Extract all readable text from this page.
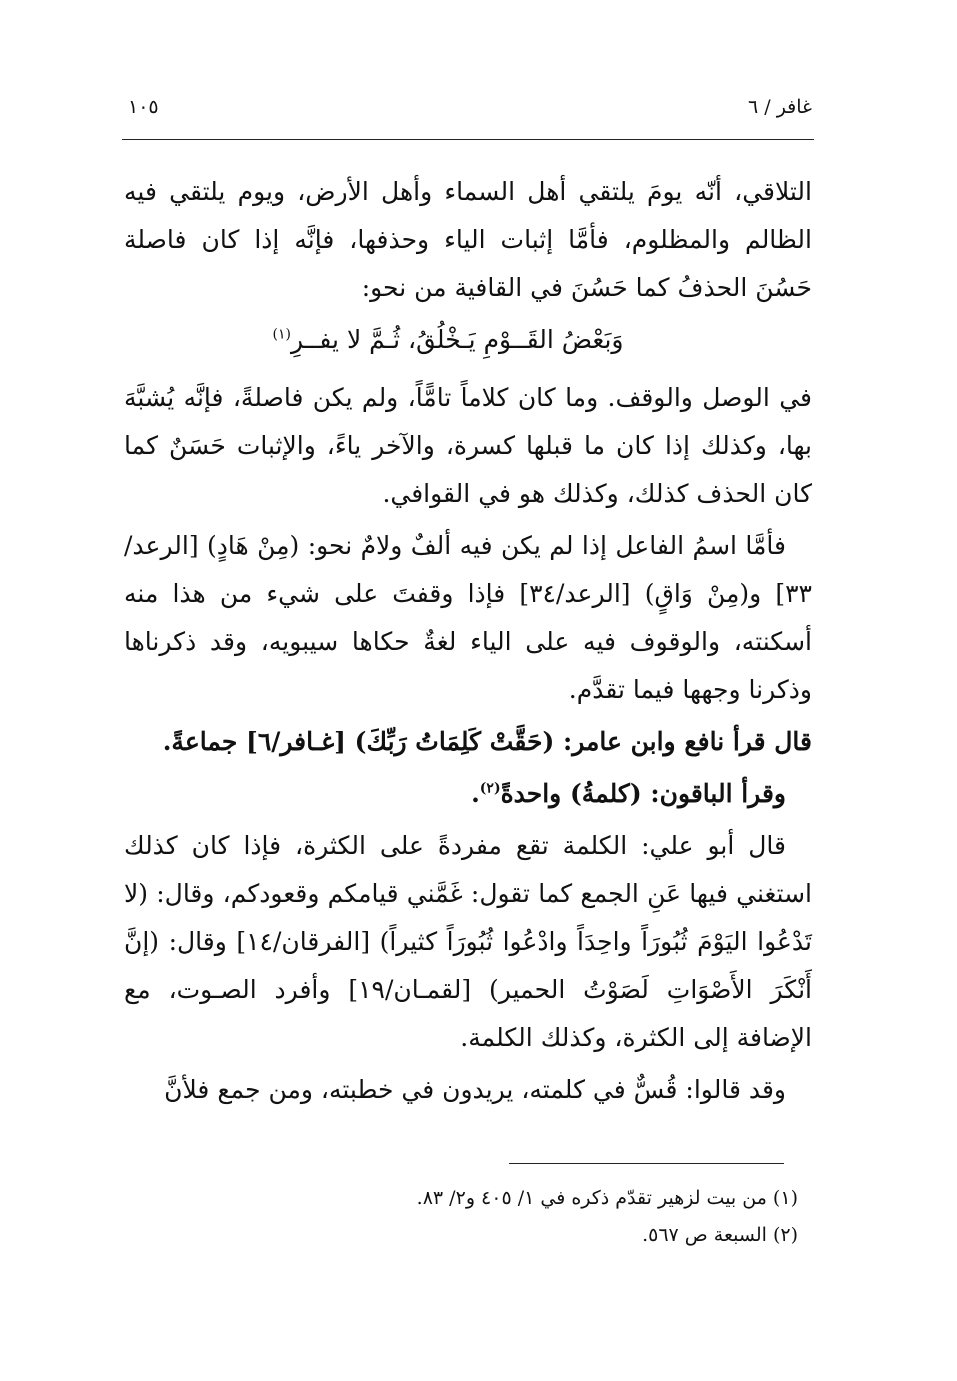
غافر / ٦
١٠٥

التلاقي، أنّه يومَ يلتقي أهل السماء وأهل الأرض، ويوم يلتقي فيه الظالم والمظلوم، فأمَّا إثبات الياء وحذفها، فإنَّه إذا كان فاصلة حَسُنَ الحذفُ كما حَسُنَ في القافية من نحو:

وَبَعْضُ القَــوْمِ يَـخْلُقُ، ثُـمَّ لا يفــرِ$^{(١)}$

في الوصل والوقف. وما كان كلاماً تامًّاً، ولم يكن فاصلةً، فإنَّه يُشبَّهَ بها، وكذلك إذا كان ما قبلها كسرة، والآخر ياءً، والإثبات حَسَنٌ كما كان الحذف كذلك، وكذلك هو في القوافي.

فأمَّا اسمُ الفاعل إذا لم يكن فيه ألفٌ ولامٌ نحو: (مِنْ هَادٍ) [الرعد/٣٣] و(مِنْ وَاقٍ) [الرعد/٣٤] فإذا وقفتَ على شيء من هذا منه أسكنته، والوقوف فيه على الياء لغةٌ حكاها سيبويه، وقد ذكرناها وذكرنا وجهها فيما تقدَّم.

قال قرأ نافع وابن عامر: (حَقَّتْ كَلِمَاتُ رَبِّكَ) [غـافر/٦] جماعةً.

وقرأ الباقون: (كلمةُ) واحدةً$^{(٢)}$.

قال أبو علي: الكلمة تقع مفردةً على الكثرة، فإذا كان كذلك استغني فيها عَنِ الجمع كما تقول: غَمَّني قيامكم وقعودكم، وقال: (لا تَدْعُوا اليَوْمَ ثُبُورَاً واحِدَاً وادْعُوا ثُبُورَاً كثيراً) [الفرقان/١٤] وقال: (إنَّ أَنْكَرَ الأَصْوَاتِ لَصَوْتُ الحمير) [لقمـان/١٩] وأفرد الصـوت، مع الإضافة إلى الكثرة، وكذلك الكلمة.

وقد قالوا: قُسٌّ في كلمته، يريدون في خطبته، ومن جمع فلأنَّ

(١) من بيت لزهير تقدّم ذكره في ١/ ٤٠٥ و٢/ ٨٣.
(٢) السبعة ص ٥٦٧.
